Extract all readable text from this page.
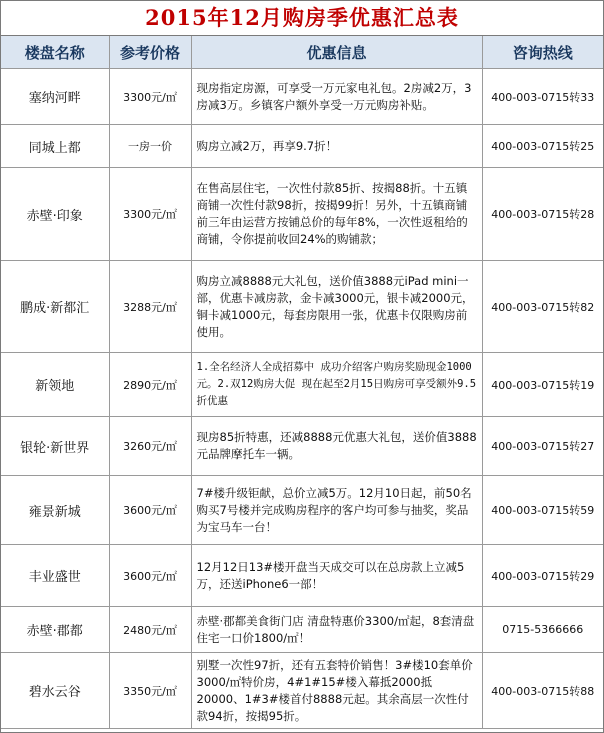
2015年12月购房季优惠汇总表
楼盘名称	参考价格	优惠信息	咨询热线
塞纳河畔	3300元/㎡	现房指定房源，可享受一万元家电礼包。2房减2万，3房减3万。乡镇客户额外享受一万元购房补贴。	400-003-0715转33
同城上都	一房一价	购房立减2万，再享9.7折！	400-003-0715转25
赤壁·印象	3300元/㎡	在售高层住宅，一次性付款85折、按揭88折。十五镇商铺一次性付款98折，按揭99折！另外，十五镇商铺前三年由运营方按铺总价的每年8%，一次性返租给的商铺，令你提前收回24%的购铺款；	400-003-0715转28
鹏成·新都汇	3288元/㎡	购房立减8888元大礼包，送价值3888元iPad mini一部，优惠卡减房款，金卡减3000元，银卡减2000元，铜卡减1000元，每套房限用一张，优惠卡仅限购房前使用。	400-003-0715转82
新领地	2890元/㎡	1.全名经济人全成招募中 成功介绍客户购房奖励现金1000元。2.双12购房大促 现在起至2月15日购房可享受额外9.5折优惠	400-003-0715转19
银轮·新世界	3260元/㎡	现房85折特惠，还减8888元优惠大礼包，送价值3888元品牌摩托车一辆。	400-003-0715转27
雍景新城	3600元/㎡	7#楼升级钜献，总价立减5万。12月10日起，前50名购买7号楼并完成购房程序的客户均可参与抽奖，奖品为宝马车一台！	400-003-0715转59
丰业盛世	3600元/㎡	12月12日13#楼开盘当天成交可以在总房款上立减5万，还送iPhone6一部！	400-003-0715转29
赤壁·郡都	2480元/㎡	赤壁·郡都美食街门店 清盘特惠价3300/㎡起，8套清盘住宅一口价1800/㎡！	0715-5366666
碧水云谷	3350元/㎡	别墅一次性97折，还有五套特价销售！3#楼10套单价3000/㎡特价房，4#1#15#楼入幕抵2000抵20000、1#3#楼首付8888元起。其余高层一次性付款94折，按揭95折。	400-003-0715转88
